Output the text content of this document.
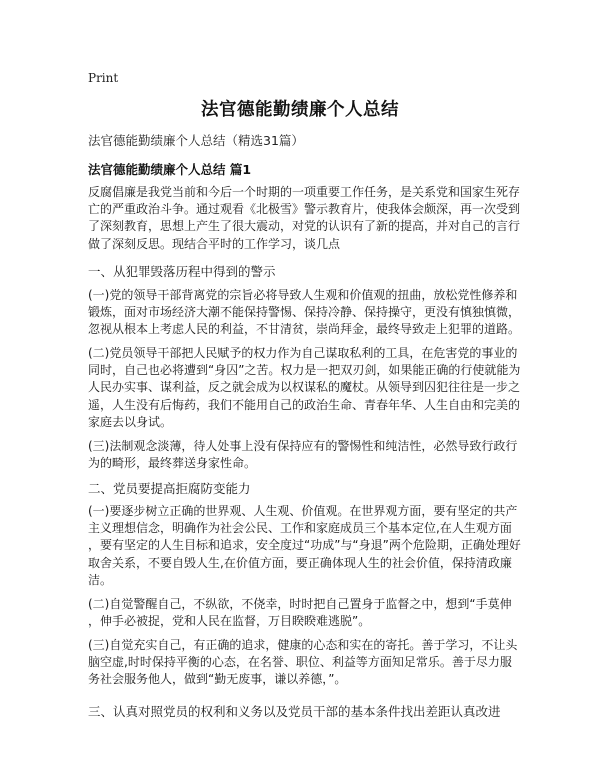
Print
法官德能勤绩廉个人总结
法官德能勤绩廉个人总结（精选31篇）
法官德能勤绩廉个人总结 篇1
反腐倡廉是我党当前和今后一个时期的一项重要工作任务，是关系党和国家生死存
亡的严重政治斗争。通过观看《北极雪》警示教育片，使我体会颇深，再一次受到
了深刻教育，思想上产生了很大震动，对党的认识有了新的提高，并对自己的言行
做了深刻反思。现结合平时的工作学习，谈几点
一、从犯罪毁落历程中得到的警示
(一)党的领导干部背离党的宗旨必将导致人生观和价值观的扭曲，放松党性修养和
锻炼，面对市场经济大潮不能保持警惕、保持冷静、保持操守，更没有慎独慎微，
忽视从根本上考虑人民的利益，不甘清贫，崇尚拜金，最终导致走上犯罪的道路。
(二)党员领导干部把人民赋予的权力作为自己谋取私利的工具，在危害党的事业的
同时，自己也必将遭到“身囚”之苦。权力是一把双刃剑，如果能正确的行使就能为
人民办实事、谋利益，反之就会成为以权谋私的魔杖。从领导到囚犯往往是一步之
遥，人生没有后悔药，我们不能用自己的政治生命、青春年华、人生自由和完美的
家庭去以身试。
(三)法制观念淡薄，待人处事上没有保持应有的警惕性和纯洁性，必然导致行政行
为的畸形，最终葬送身家性命。
二、党员要提高拒腐防变能力
(一)要逐步树立正确的世界观、人生观、价值观。在世界观方面，要有坚定的共产
主义理想信念，明确作为社会公民、工作和家庭成员三个基本定位,在人生观方面
，要有坚定的人生目标和追求，安全度过“功成”与“身退”两个危险期，正确处理好
取舍关系，不要自毁人生,在价值方面，要正确体现人生的社会价值，保持清政廉
洁。
(二)自觉警醒自己，不纵欲，不侥幸，时时把自己置身于监督之中，想到“手莫伸
，伸手必被捉，党和人民在监督，万目睽睽难逃脱”。
(三)自觉充实自己，有正确的追求，健康的心态和实在的寄托。善于学习，不让头
脑空虚,时时保持平衡的心态，在名誉、职位、利益等方面知足常乐。善于尽力服
务社会服务他人，做到“勤无废事，谦以养德，”。
三、认真对照党员的权利和义务以及党员干部的基本条件找出差距认真改进
